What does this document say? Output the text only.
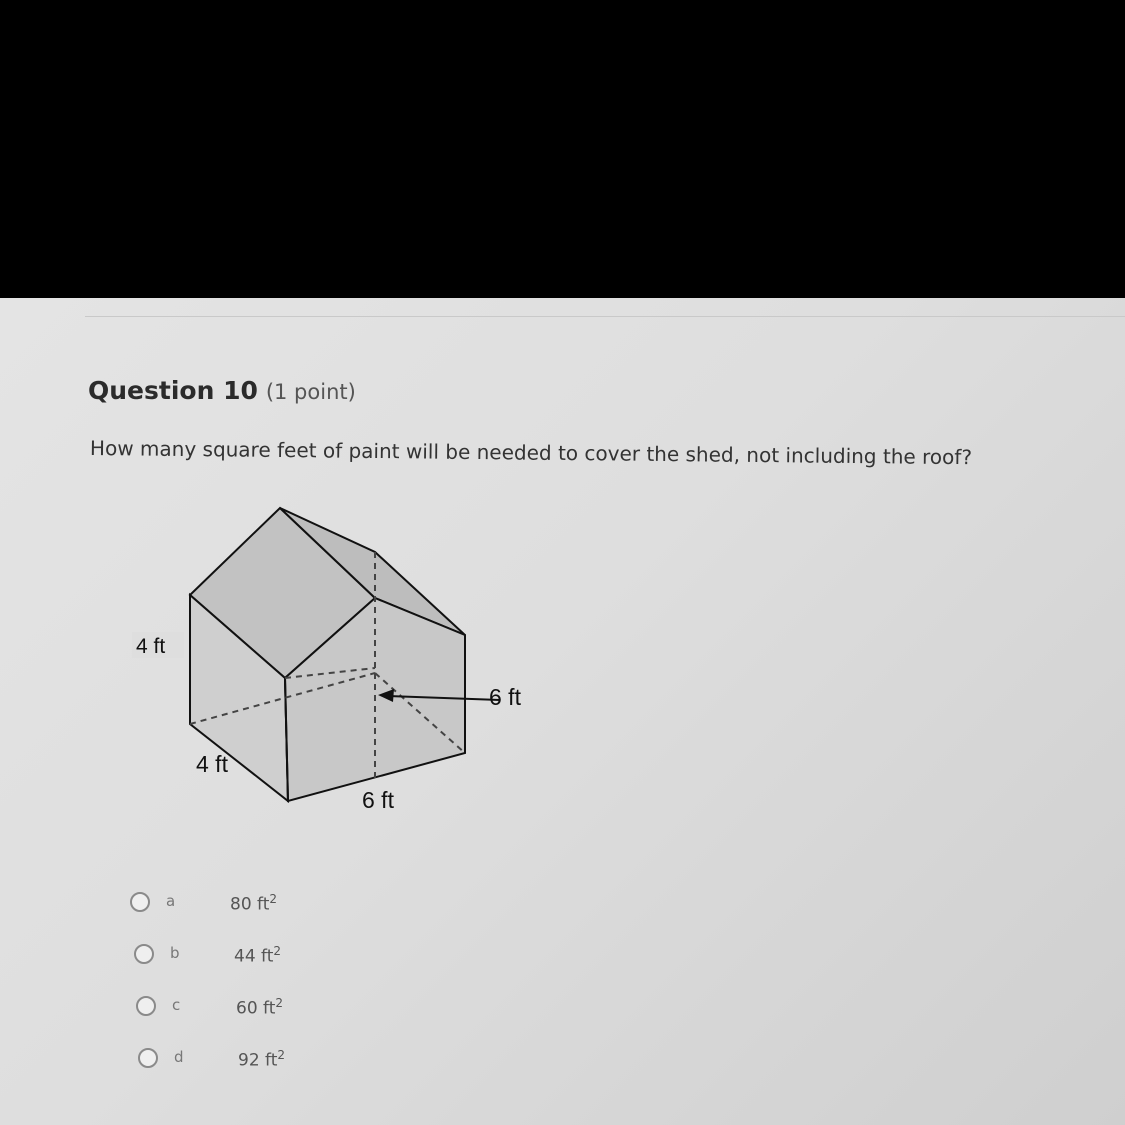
Question 10 (1 point)
How many square feet of paint will be needed to cover the shed, not including the roof?
4 ft
6 ft
4 ft
6 ft
a	80 $ft^2$
b	44 $ft^2$
c	60 $ft^2$
d	92 $ft^2$
